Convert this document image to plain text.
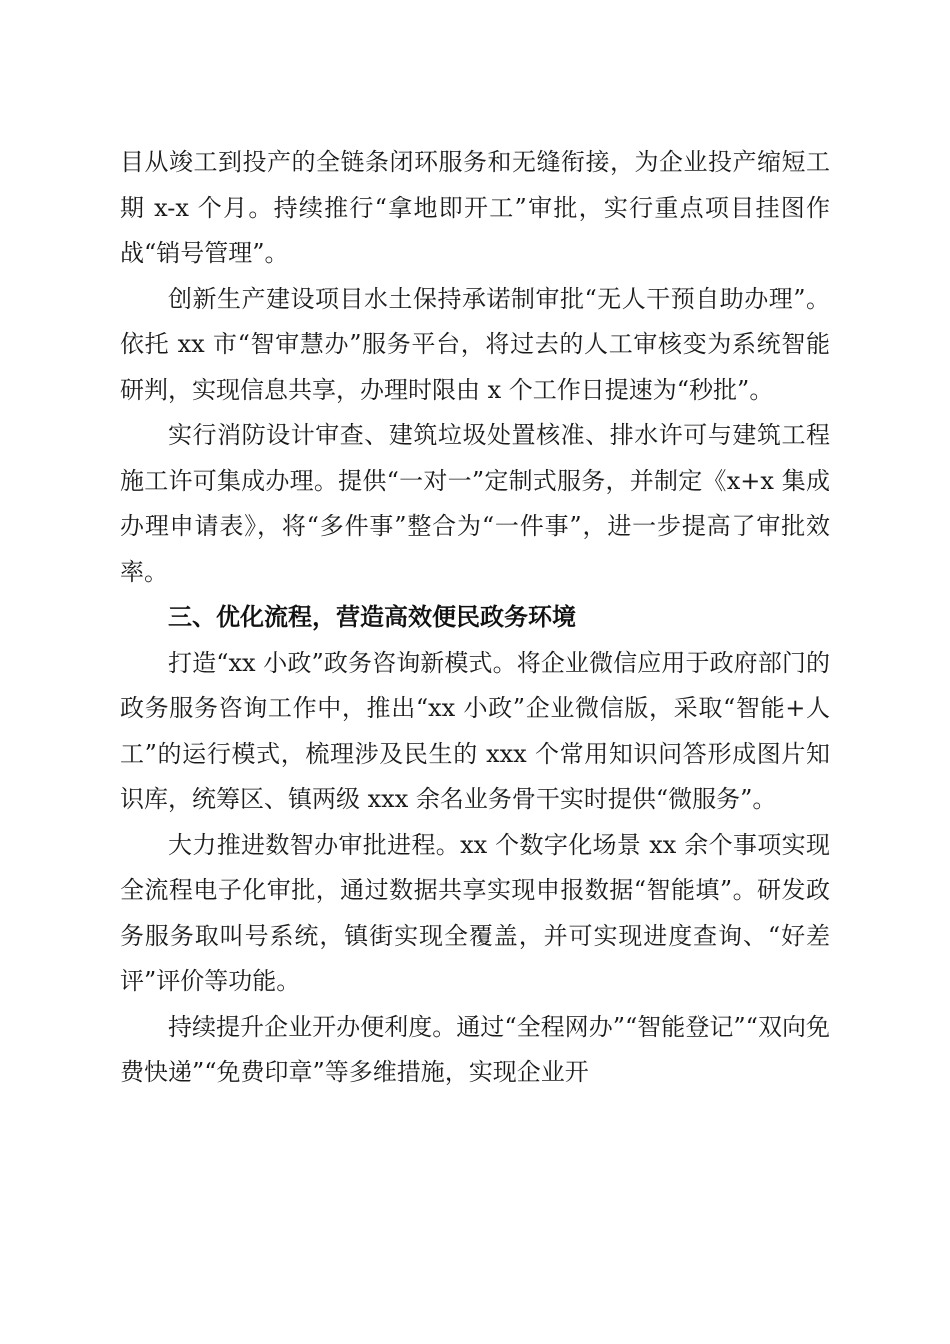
目从竣工到投产的全链条闭环服务和无缝衔接，为企业投产缩短工期 x-x 个月。持续推行“拿地即开工”审批，实行重点项目挂图作战“销号管理”。

创新生产建设项目水土保持承诺制审批“无人干预自助办理”。依托 xx 市“智审慧办”服务平台，将过去的人工审核变为系统智能研判，实现信息共享，办理时限由 x 个工作日提速为“秒批”。

实行消防设计审查、建筑垃圾处置核准、排水许可与建筑工程施工许可集成办理。提供“一对一”定制式服务，并制定《x+x 集成办理申请表》，将“多件事”整合为“一件事”，进一步提高了审批效率。

三、优化流程，营造高效便民政务环境

打造“xx 小政”政务咨询新模式。将企业微信应用于政府部门的政务服务咨询工作中，推出“xx 小政”企业微信版，采取“智能+人工”的运行模式，梳理涉及民生的 xxx 个常用知识问答形成图片知识库，统筹区、镇两级 xxx 余名业务骨干实时提供“微服务”。

大力推进数智办审批进程。xx 个数字化场景 xx 余个事项实现全流程电子化审批，通过数据共享实现申报数据“智能填”。研发政务服务取叫号系统，镇街实现全覆盖，并可实现进度查询、“好差评”评价等功能。

持续提升企业开办便利度。通过“全程网办”“智能登记”“双向免费快递”“免费印章”等多维措施，实现企业开
